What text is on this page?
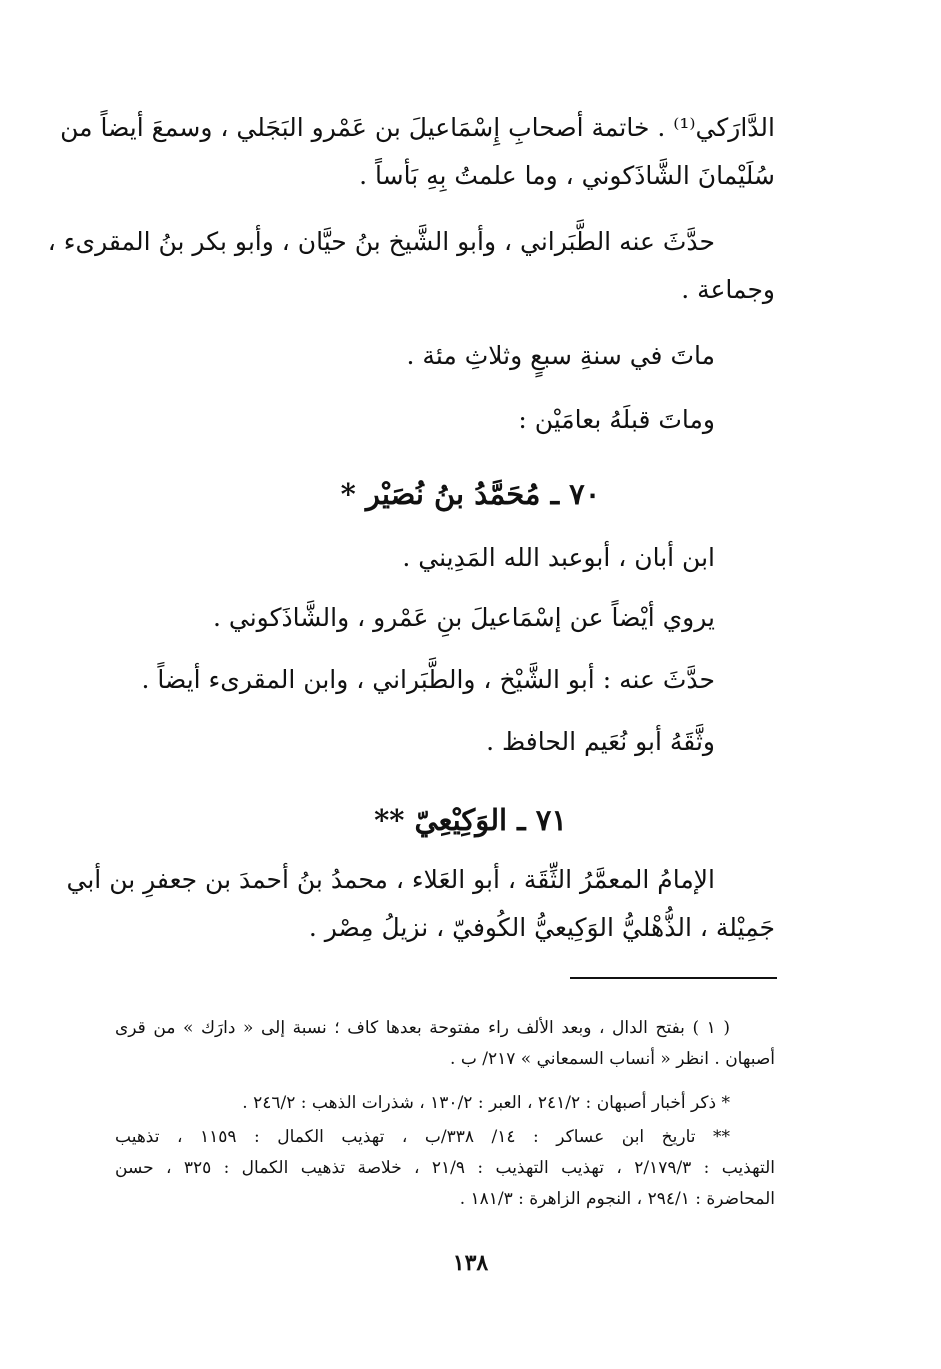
الدَّارَكي⁽¹⁾ . خاتمة أصحابِ إِسْمَاعيلَ بن عَمْرو البَجَلي ، وسمعَ أيضاً من
سُلَيْمانَ الشَّاذَكوني ، وما علمتُ بِهِ بَأساً .
حدَّثَ عنه الطَّبَراني ، وأبو الشَّيخ بنُ حيَّان ، وأبو بكر بنُ المقرىء ،
وجماعة .
ماتَ في سنةِ سبعٍ وثلاثِ مئة .
وماتَ قبلَهُ بعامَيْن :
٧٠ ـ مُحَمَّدُ بنُ نُصَيْر *
ابن أبان ، أبوعبد الله المَدِيني .
يروي أيْضاً عن إسْمَاعيلَ بنِ عَمْرو ، والشَّاذَكوني .
حدَّثَ عنه : أبو الشَّيْخ ، والطَّبَراني ، وابن المقرىء أيضاً .
وثَّقَهُ أبو نُعَيم الحافظ .
٧١ ـ الوَكِيْعِيّ **
الإمامُ المعمَّرُ الثِّقَة ، أبو العَلاء ، محمدُ بنُ أحمدَ بن جعفرِ بن أبي
جَمِيْلة ، الذُّهْليُّ الوَكِيعيُّ الكُوفيّ ، نزيلُ مِصْر .
( ١ ) بفتح الدال ، وبعد الألف راء مفتوحة بعدها كاف ؛ نسبة إلى « دارَك » من قرى
أصبهان . انظر « أنساب السمعاني » ٢١٧/ ب .
* ذكر أخبار أصبهان : ٢٤١/٢ ، العبر : ١٣٠/٢ ، شذرات الذهب : ٢٤٦/٢ .
** تاريخ ابن عساكر : ١٤/ ٣٣٨/ب ، تهذيب الكمال : ١١٥٩ ، تذهيب
التهذيب : ٢/١٧٩/٣ ، تهذيب التهذيب : ٢١/٩ ، خلاصة تذهيب الكمال : ٣٢٥ ، حسن
المحاضرة : ٢٩٤/١ ، النجوم الزاهرة : ١٨١/٣ .
١٣٨
